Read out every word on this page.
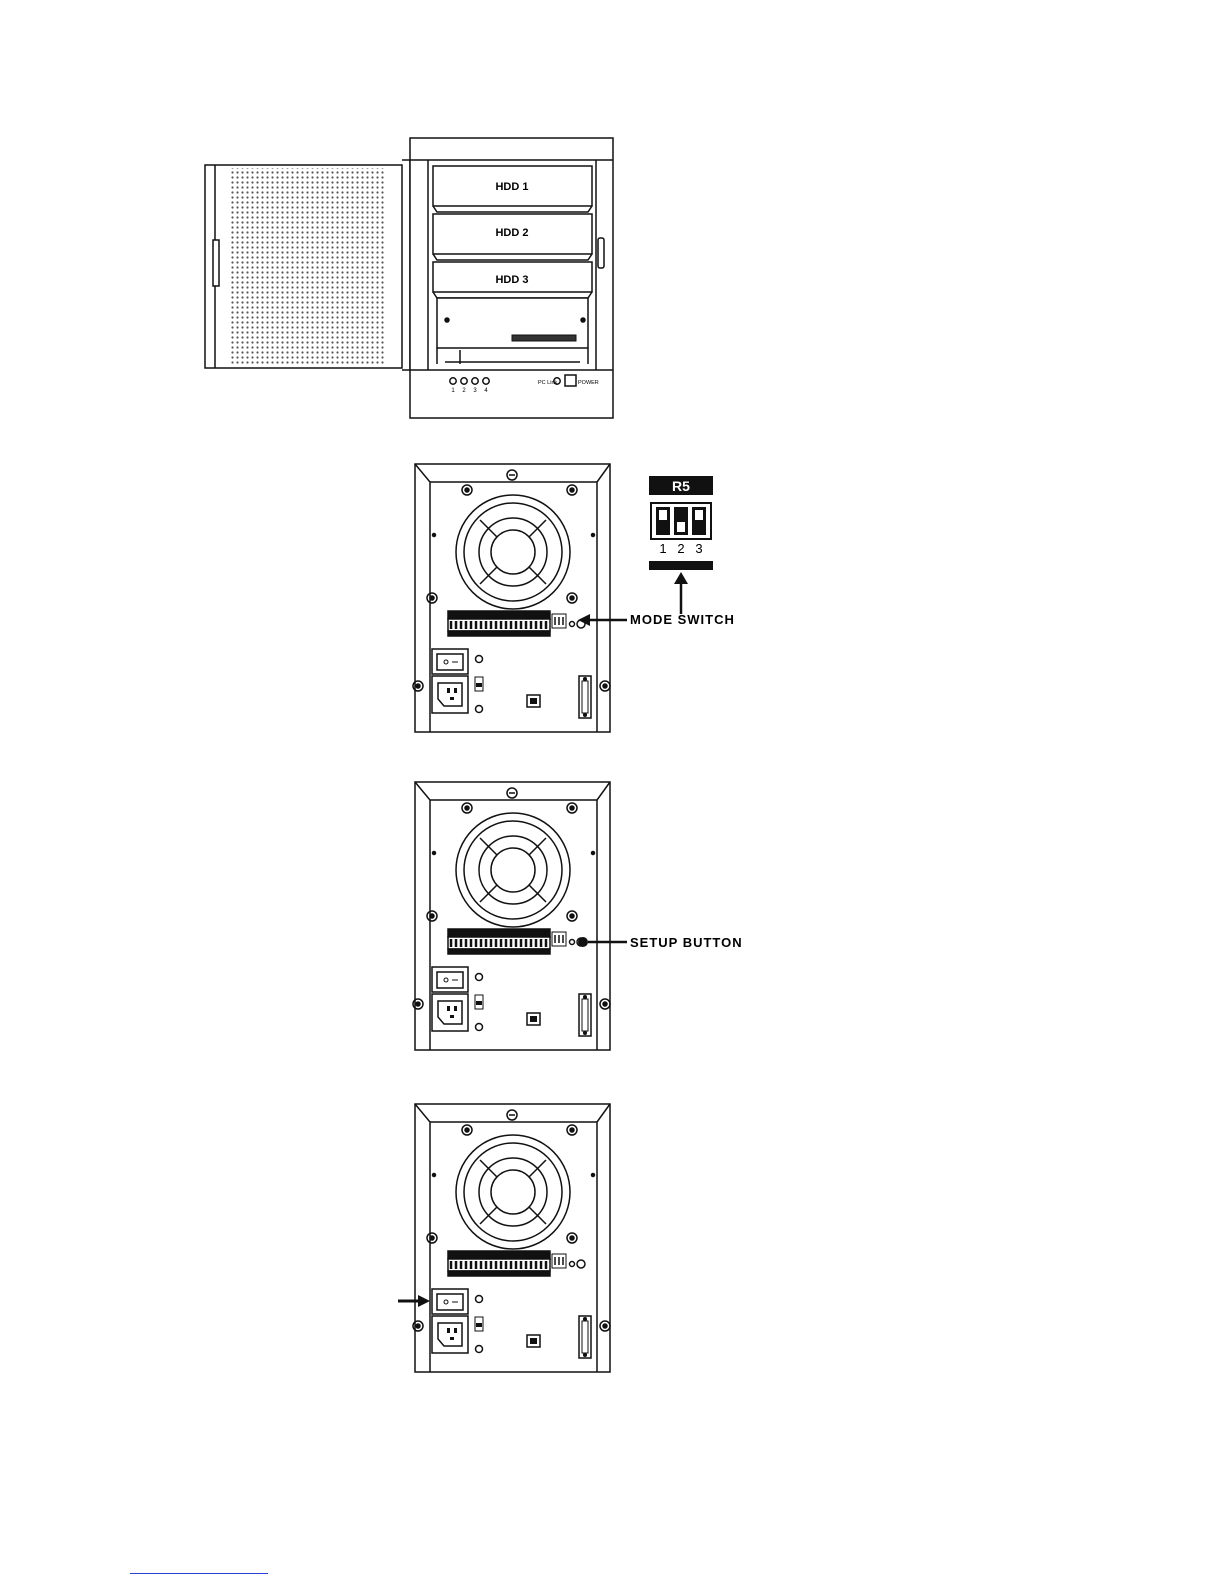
HDD 1
HDD 2
HDD 3
1 2 3 4
PC Link	POWER
R5
1 2 3
MODE SWITCH
SETUP BUTTON
